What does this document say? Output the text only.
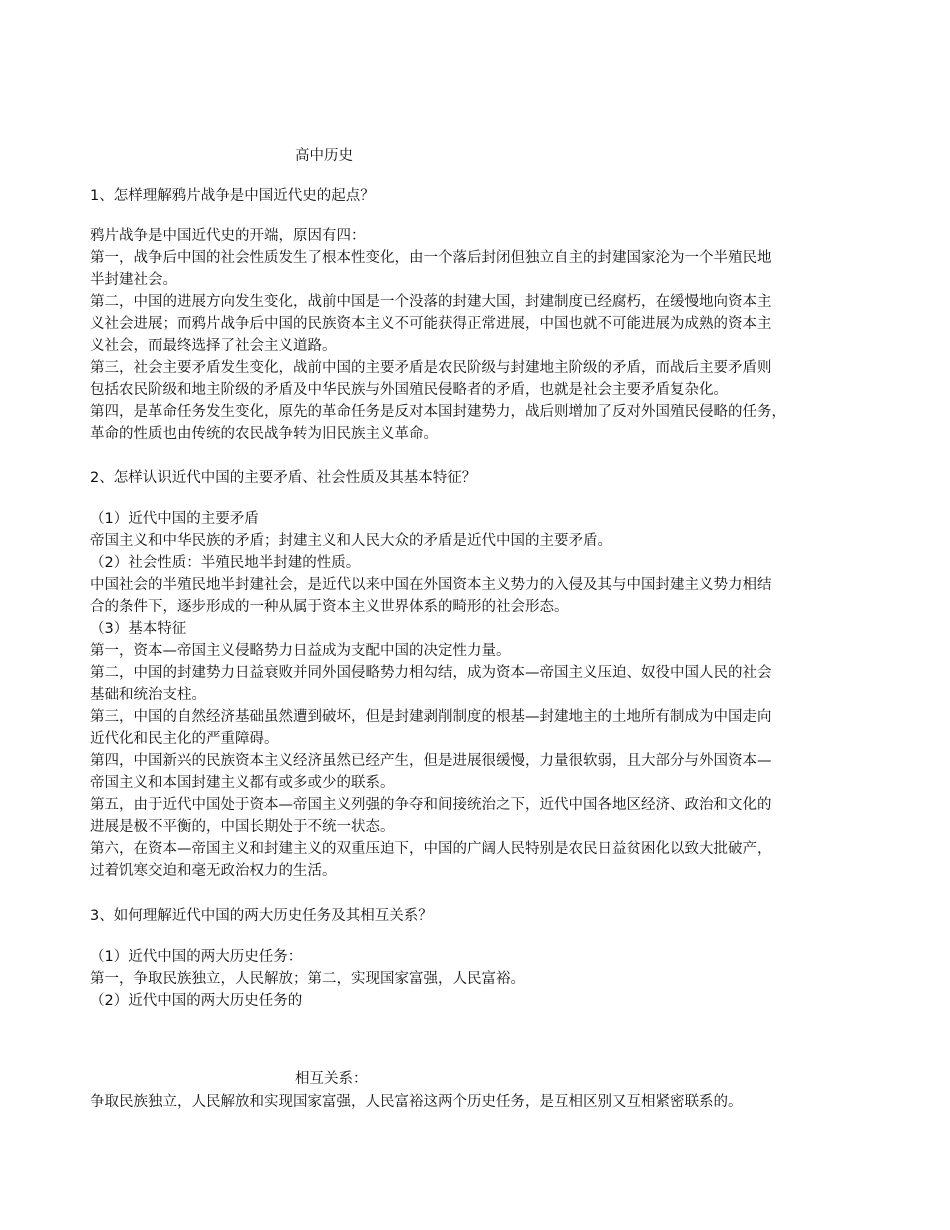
高中历史
1、怎样理解鸦片战争是中国近代史的起点？
鸦片战争是中国近代史的开端，原因有四：
第一，战争后中国的社会性质发生了根本性变化，由一个落后封闭但独立自主的封建国家沦为一个半殖民地
半封建社会。
第二，中国的进展方向发生变化，战前中国是一个没落的封建大国，封建制度已经腐朽，在缓慢地向资本主
义社会进展；而鸦片战争后中国的民族资本主义不可能获得正常进展，中国也就不可能进展为成熟的资本主
义社会，而最终选择了社会主义道路。
第三，社会主要矛盾发生变化，战前中国的主要矛盾是农民阶级与封建地主阶级的矛盾，而战后主要矛盾则
包括农民阶级和地主阶级的矛盾及中华民族与外国殖民侵略者的矛盾，也就是社会主要矛盾复杂化。
第四，是革命任务发生变化，原先的革命任务是反对本国封建势力，战后则增加了反对外国殖民侵略的任务，
革命的性质也由传统的农民战争转为旧民族主义革命。
2、怎样认识近代中国的主要矛盾、社会性质及其基本特征？
（1）近代中国的主要矛盾
帝国主义和中华民族的矛盾；封建主义和人民大众的矛盾是近代中国的主要矛盾。
（2）社会性质：半殖民地半封建的性质。
中国社会的半殖民地半封建社会，是近代以来中国在外国资本主义势力的入侵及其与中国封建主义势力相结
合的条件下，逐步形成的一种从属于资本主义世界体系的畸形的社会形态。
（3）基本特征
第一，资本—帝国主义侵略势力日益成为支配中国的决定性力量。
第二，中国的封建势力日益衰败并同外国侵略势力相勾结，成为资本—帝国主义压迫、奴役中国人民的社会
基础和统治支柱。
第三，中国的自然经济基础虽然遭到破坏，但是封建剥削制度的根基—封建地主的土地所有制成为中国走向
近代化和民主化的严重障碍。
第四，中国新兴的民族资本主义经济虽然已经产生，但是进展很缓慢，力量很软弱，且大部分与外国资本—
帝国主义和本国封建主义都有或多或少的联系。
第五，由于近代中国处于资本—帝国主义列强的争夺和间接统治之下，近代中国各地区经济、政治和文化的
进展是极不平衡的，中国长期处于不统一状态。
第六，在资本—帝国主义和封建主义的双重压迫下，中国的广阔人民特别是农民日益贫困化以致大批破产，
过着饥寒交迫和毫无政治权力的生活。
3、如何理解近代中国的两大历史任务及其相互关系？
（1）近代中国的两大历史任务：
第一，争取民族独立，人民解放；第二，实现国家富强，人民富裕。
（2）近代中国的两大历史任务的
相互关系：
争取民族独立，人民解放和实现国家富强，人民富裕这两个历史任务，是互相区别又互相紧密联系的。
